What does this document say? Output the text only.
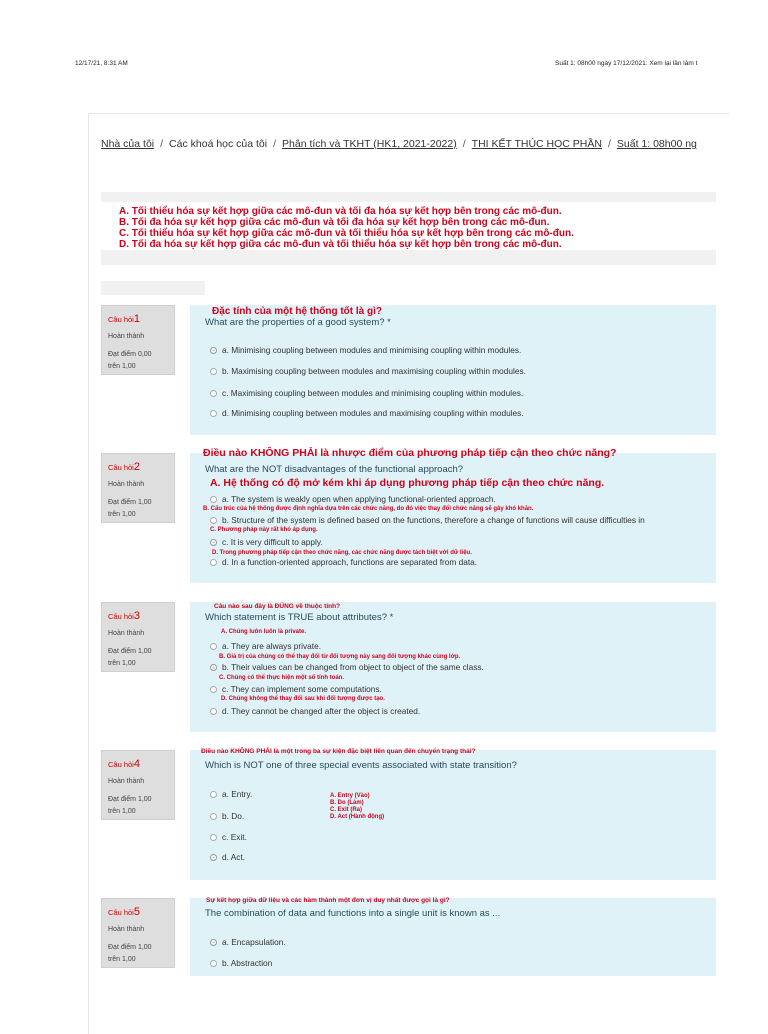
12/17/21, 8:31 AM	Suất 1: 08h00 ngày 17/12/2021: Xem lại lần làm t
Nhà của tôi / Các khoá học của tôi / Phân tích và TKHT (HK1, 2021-2022) / THI KẾT THÚC HỌC PHẦN / Suất 1: 08h00 ng
A. Tối thiểu hóa sự kết hợp giữa các mô-đun và tối đa hóa sự kết hợp bên trong các mô-đun.
B. Tối đa hóa sự kết hợp giữa các mô-đun và tối đa hóa sự kết hợp bên trong các mô-đun.
C. Tối thiểu hóa sự kết hợp giữa các mô-đun và tối thiểu hóa sự kết hợp bên trong các mô-đun.
D. Tối đa hóa sự kết hợp giữa các mô-đun và tối thiểu hóa sự kết hợp bên trong các mô-đun.
Câu hỏi1
Hoàn thành
Đạt điểm 0,00
trên 1,00
Đặc tính của một hệ thống tốt là gì?
What are the properties of a good system? *
a. Minimising coupling between modules and minimising coupling within modules.
b. Maximising coupling between modules and maximising coupling within modules.
c. Maximising coupling between modules and minimising coupling within modules.
d. Minimising coupling between modules and maximising coupling within modules.
Câu hỏi2
Hoàn thành
Đạt điểm 1,00
trên 1,00
Điều nào KHÔNG PHẢI là nhược điểm của phương pháp tiếp cận theo chức năng?
What are the NOT disadvantages of the functional approach?
A. Hệ thống có độ mở kém khi áp dụng phương pháp tiếp cận theo chức năng.
a. The system is weakly open when applying functional-oriented approach.
B. Cấu trúc của hệ thống được định nghĩa dựa trên các chức năng, do đó việc thay đổi chức năng sẽ gây khó khăn.
b. Structure of the system is defined based on the functions, therefore a change of functions will cause difficulties in
C. Phương pháp này rất khó áp dụng.
c. It is very difficult to apply.
D. Trong phương pháp tiếp cận theo chức năng, các chức năng được tách biệt với dữ liệu.
d. In a function-oriented approach, functions are separated from data.
Câu hỏi3
Hoàn thành
Đạt điểm 1,00
trên 1,00
Câu nào sau đây là ĐÚNG về thuộc tính?
Which statement is TRUE about attributes? *
A. Chúng luôn luôn là private.
a. They are always private.
B. Giá trị của chúng có thể thay đổi từ đối tượng này sang đối tượng khác cùng lớp.
b. Their values can be changed from object to object of the same class.
C. Chúng có thể thực hiện một số tính toán.
c. They can implement some computations.
D. Chúng không thể thay đổi sau khi đối tượng được tạo.
d. They cannot be changed after the object is created.
Câu hỏi4
Hoàn thành
Đạt điểm 1,00
trên 1,00
Điều nào KHÔNG PHẢI là một trong ba sự kiện đặc biệt liên quan đến chuyển trạng thái?
Which is NOT one of three special events associated with state transition?
a. Entry.
b. Do.
c. Exit.
d. Act.
A. Entry (Vào)
B. Do (Làm)
C. Exit (Ra)
D. Act (Hành động)
Câu hỏi5
Hoàn thành
Đạt điểm 1,00
trên 1,00
Sự kết hợp giữa dữ liệu và các hàm thành một đơn vị duy nhất được gọi là gì?
The combination of data and functions into a single unit is known as ...
a. Encapsulation.
b. Abstraction
